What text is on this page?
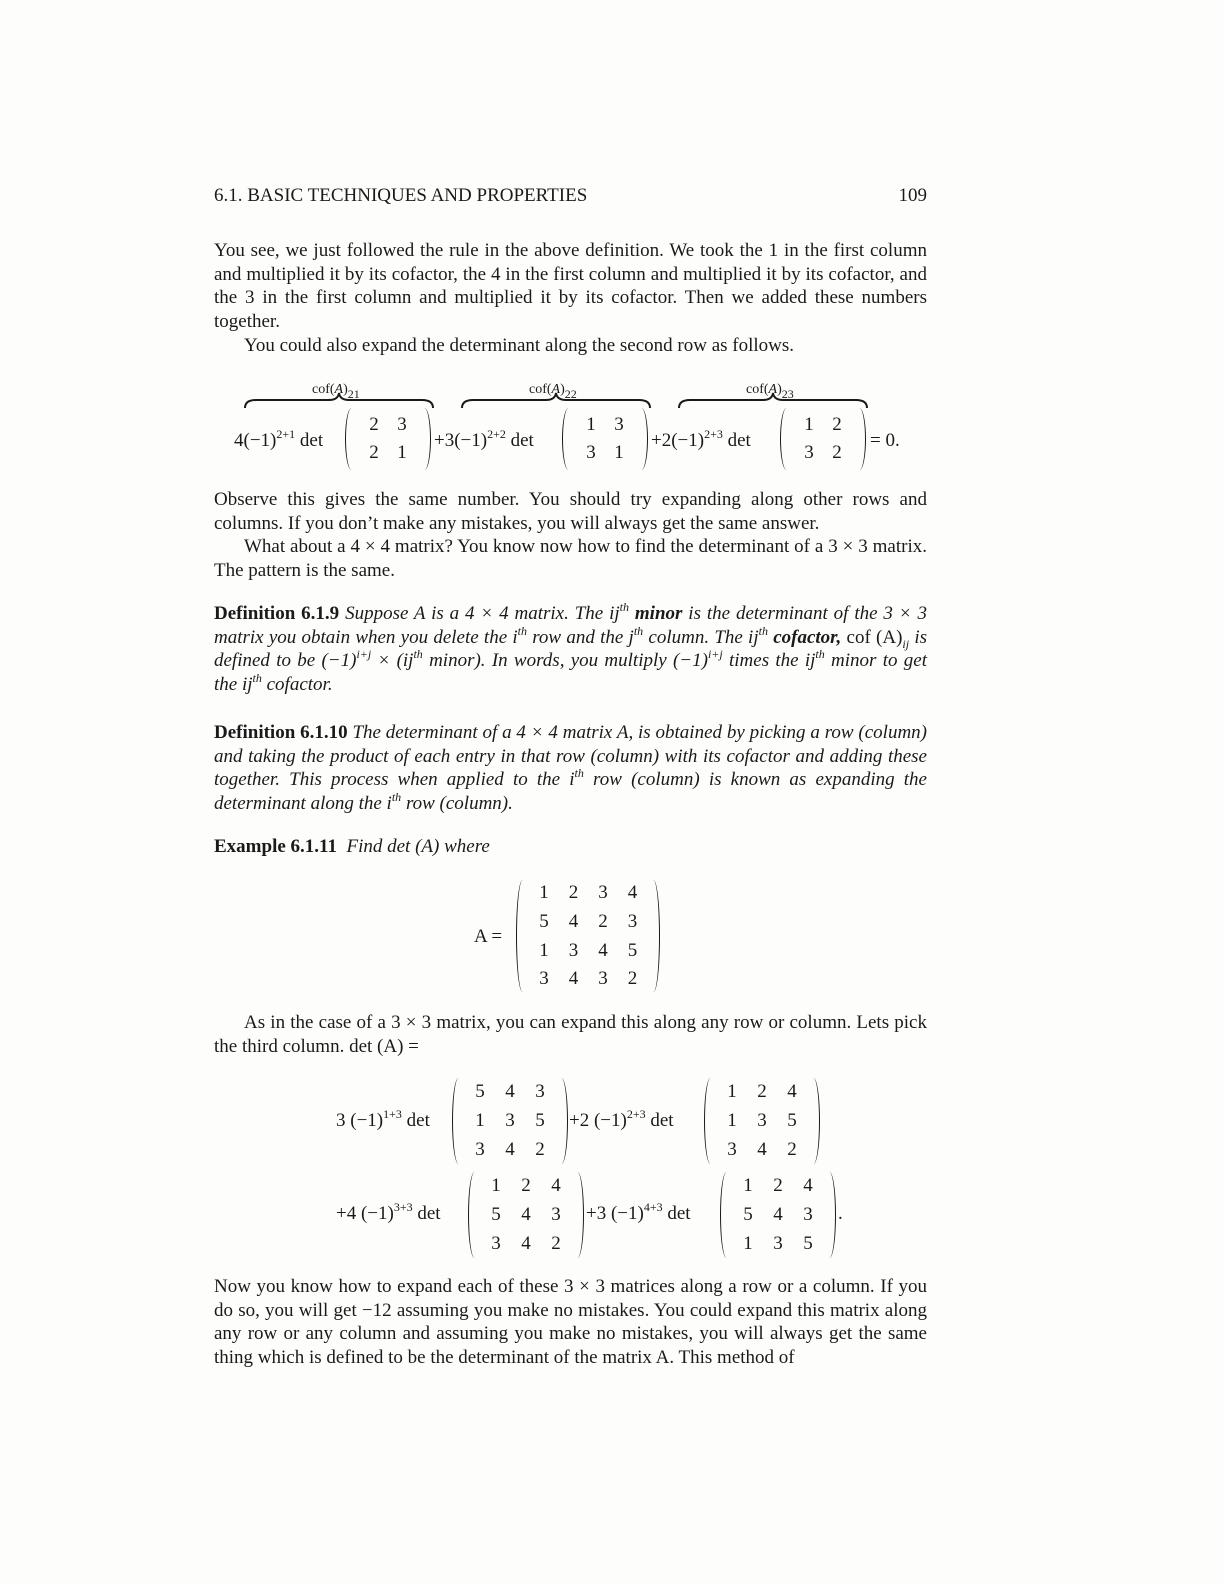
6.1. BASIC TECHNIQUES AND PROPERTIES	109
You see, we just followed the rule in the above definition. We took the 1 in the first column and multiplied it by its cofactor, the 4 in the first column and multiplied it by its cofactor, and the 3 in the first column and multiplied it by its cofactor. Then we added these numbers together.
You could also expand the determinant along the second row as follows.
$cof(A)_{21}$	$cof(A)_{22}$	$cof(A)_{23}$
$4(-1)^{2+1}$ det
2 3
2 1
$+3(-1)^{2+2}$ det
1 3
3 1
$+2(-1)^{2+3}$ det
1 2
3 2
= 0.
Observe this gives the same number. You should try expanding along other rows and columns. If you don’t make any mistakes, you will always get the same answer.
What about a 4 × 4 matrix? You know now how to find the determinant of a 3 × 3 matrix. The pattern is the same.
Definition 6.1.9 Suppose A is a 4 × 4 matrix. The $ij^{th}$ minor is the determinant of the 3 × 3 matrix you obtain when you delete the $i^{th}$ row and the $j^{th}$ column. The $ij^{th}$ cofactor, cof $(A)_{ij}$ is defined to be $(-1)^{i+j} \times (ij^{th}$ minor). In words, you multiply $(-1)^{i+j}$ times the $ij^{th}$ minor to get the $ij^{th}$ cofactor.
Definition 6.1.10 The determinant of a 4 × 4 matrix A, is obtained by picking a row (column) and taking the product of each entry in that row (column) with its cofactor and adding these together. This process when applied to the $i^{th}$ row (column) is known as expanding the determinant along the $i^{th}$ row (column).
Example 6.1.11 Find det (A) where
A =
1	2	3	4
5	4	2	3
1	3	4	5
3	4	3	2
As in the case of a 3 × 3 matrix, you can expand this along any row or column. Lets pick the third column. det (A) =
3 $(-1)^{1+3}$ det
5	4	3
1	3	5
3	4	2
+2 $(-1)^{2+3}$ det
1	2	4
1	3	5
3	4	2
+4 $(-1)^{3+3}$ det
1	2	4
5	4	3
3	4	2
+3 $(-1)^{4+3}$ det
1	2	4
5	4	3
1	3	5
.
Now you know how to expand each of these 3 × 3 matrices along a row or a column. If you do so, you will get −12 assuming you make no mistakes. You could expand this matrix along any row or any column and assuming you make no mistakes, you will always get the same thing which is defined to be the determinant of the matrix A. This method of
